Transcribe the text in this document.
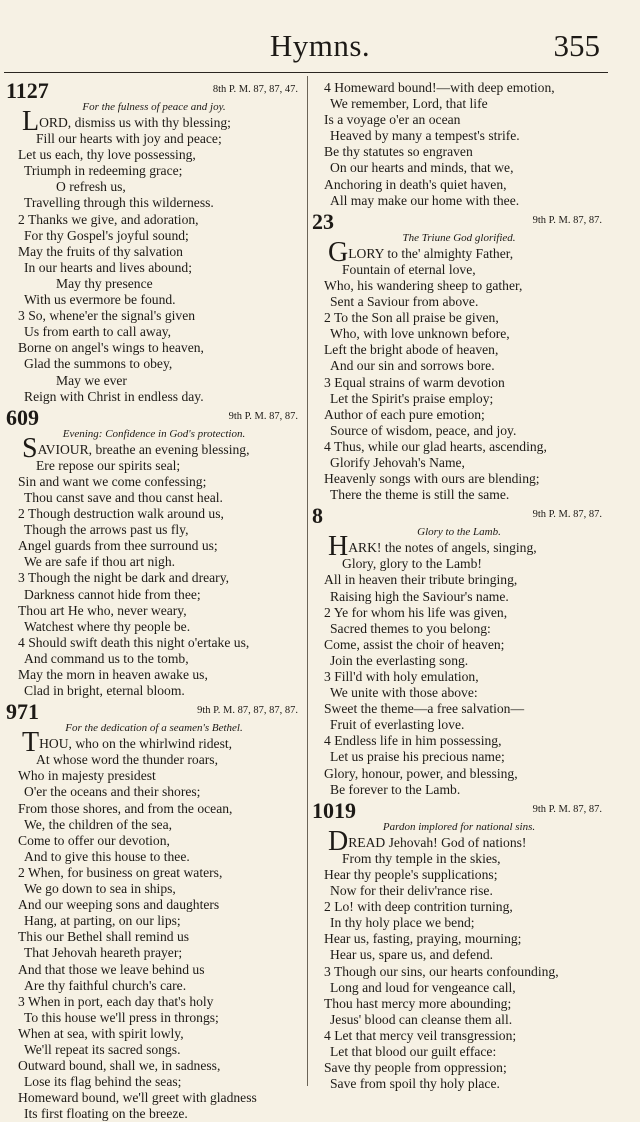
Hymns.	355
1127	8th P. M. 87, 87, 47.
For the fulness of peace and joy.
LORD, dismiss us with thy blessing;
Fill our hearts with joy and peace;
Let us each, thy love possessing,
Triumph in redeeming grace;
O refresh us,
Travelling through this wilderness.
2 Thanks we give, and adoration,
For thy Gospel's joyful sound;
May the fruits of thy salvation
In our hearts and lives abound;
May thy presence
With us evermore be found.
3 So, whene'er the signal's given
Us from earth to call away,
Borne on angel's wings to heaven,
Glad the summons to obey,
May we ever
Reign with Christ in endless day.
609	9th P. M. 87, 87.
Evening: Confidence in God's protection.
SAVIOUR, breathe an evening blessing,
Ere repose our spirits seal;
Sin and want we come confessing;
Thou canst save and thou canst heal.
2 Though destruction walk around us,
Though the arrows past us fly,
Angel guards from thee surround us;
We are safe if thou art nigh.
3 Though the night be dark and dreary,
Darkness cannot hide from thee;
Thou art He who, never weary,
Watchest where thy people be.
4 Should swift death this night o'ertake us,
And command us to the tomb,
May the morn in heaven awake us,
Clad in bright, eternal bloom.
971	9th P. M. 87, 87, 87, 87.
For the dedication of a seamen's Bethel.
THOU, who on the whirlwind ridest,
At whose word the thunder roars,
Who in majesty presidest
O'er the oceans and their shores;
From those shores, and from the ocean,
We, the children of the sea,
Come to offer our devotion,
And to give this house to thee.
2 When, for business on great waters,
We go down to sea in ships,
And our weeping sons and daughters
Hang, at parting, on our lips;
This our Bethel shall remind us
That Jehovah heareth prayer;
And that those we leave behind us
Are thy faithful church's care.
3 When in port, each day that's holy
To this house we'll press in throngs;
When at sea, with spirit lowly,
We'll repeat its sacred songs.
Outward bound, shall we, in sadness,
Lose its flag behind the seas;
Homeward bound, we'll greet with gladness
Its first floating on the breeze.
4 Homeward bound!—with deep emotion,
We remember, Lord, that life
Is a voyage o'er an ocean
Heaved by many a tempest's strife.
Be thy statutes so engraven
On our hearts and minds, that we,
Anchoring in death's quiet haven,
All may make our home with thee.
23	9th P. M. 87, 87.
The Triune God glorified.
GLORY to the' almighty Father,
Fountain of eternal love,
Who, his wandering sheep to gather,
Sent a Saviour from above.
2 To the Son all praise be given,
Who, with love unknown before,
Left the bright abode of heaven,
And our sin and sorrows bore.
3 Equal strains of warm devotion
Let the Spirit's praise employ;
Author of each pure emotion;
Source of wisdom, peace, and joy.
4 Thus, while our glad hearts, ascending,
Glorify Jehovah's Name,
Heavenly songs with ours are blending;
There the theme is still the same.
8	9th P. M. 87, 87.
Glory to the Lamb.
HARK! the notes of angels, singing,
Glory, glory to the Lamb!
All in heaven their tribute bringing,
Raising high the Saviour's name.
2 Ye for whom his life was given,
Sacred themes to you belong:
Come, assist the choir of heaven;
Join the everlasting song.
3 Fill'd with holy emulation,
We unite with those above:
Sweet the theme—a free salvation—
Fruit of everlasting love.
4 Endless life in him possessing,
Let us praise his precious name;
Glory, honour, power, and blessing,
Be forever to the Lamb.
1019	9th P. M. 87, 87.
Pardon implored for national sins.
DREAD Jehovah! God of nations!
From thy temple in the skies,
Hear thy people's supplications;
Now for their deliv'rance rise.
2 Lo! with deep contrition turning,
In thy holy place we bend;
Hear us, fasting, praying, mourning;
Hear us, spare us, and defend.
3 Though our sins, our hearts confounding,
Long and loud for vengeance call,
Thou hast mercy more abounding;
Jesus' blood can cleanse them all.
4 Let that mercy veil transgression;
Let that blood our guilt efface:
Save thy people from oppression;
Save from spoil thy holy place.
